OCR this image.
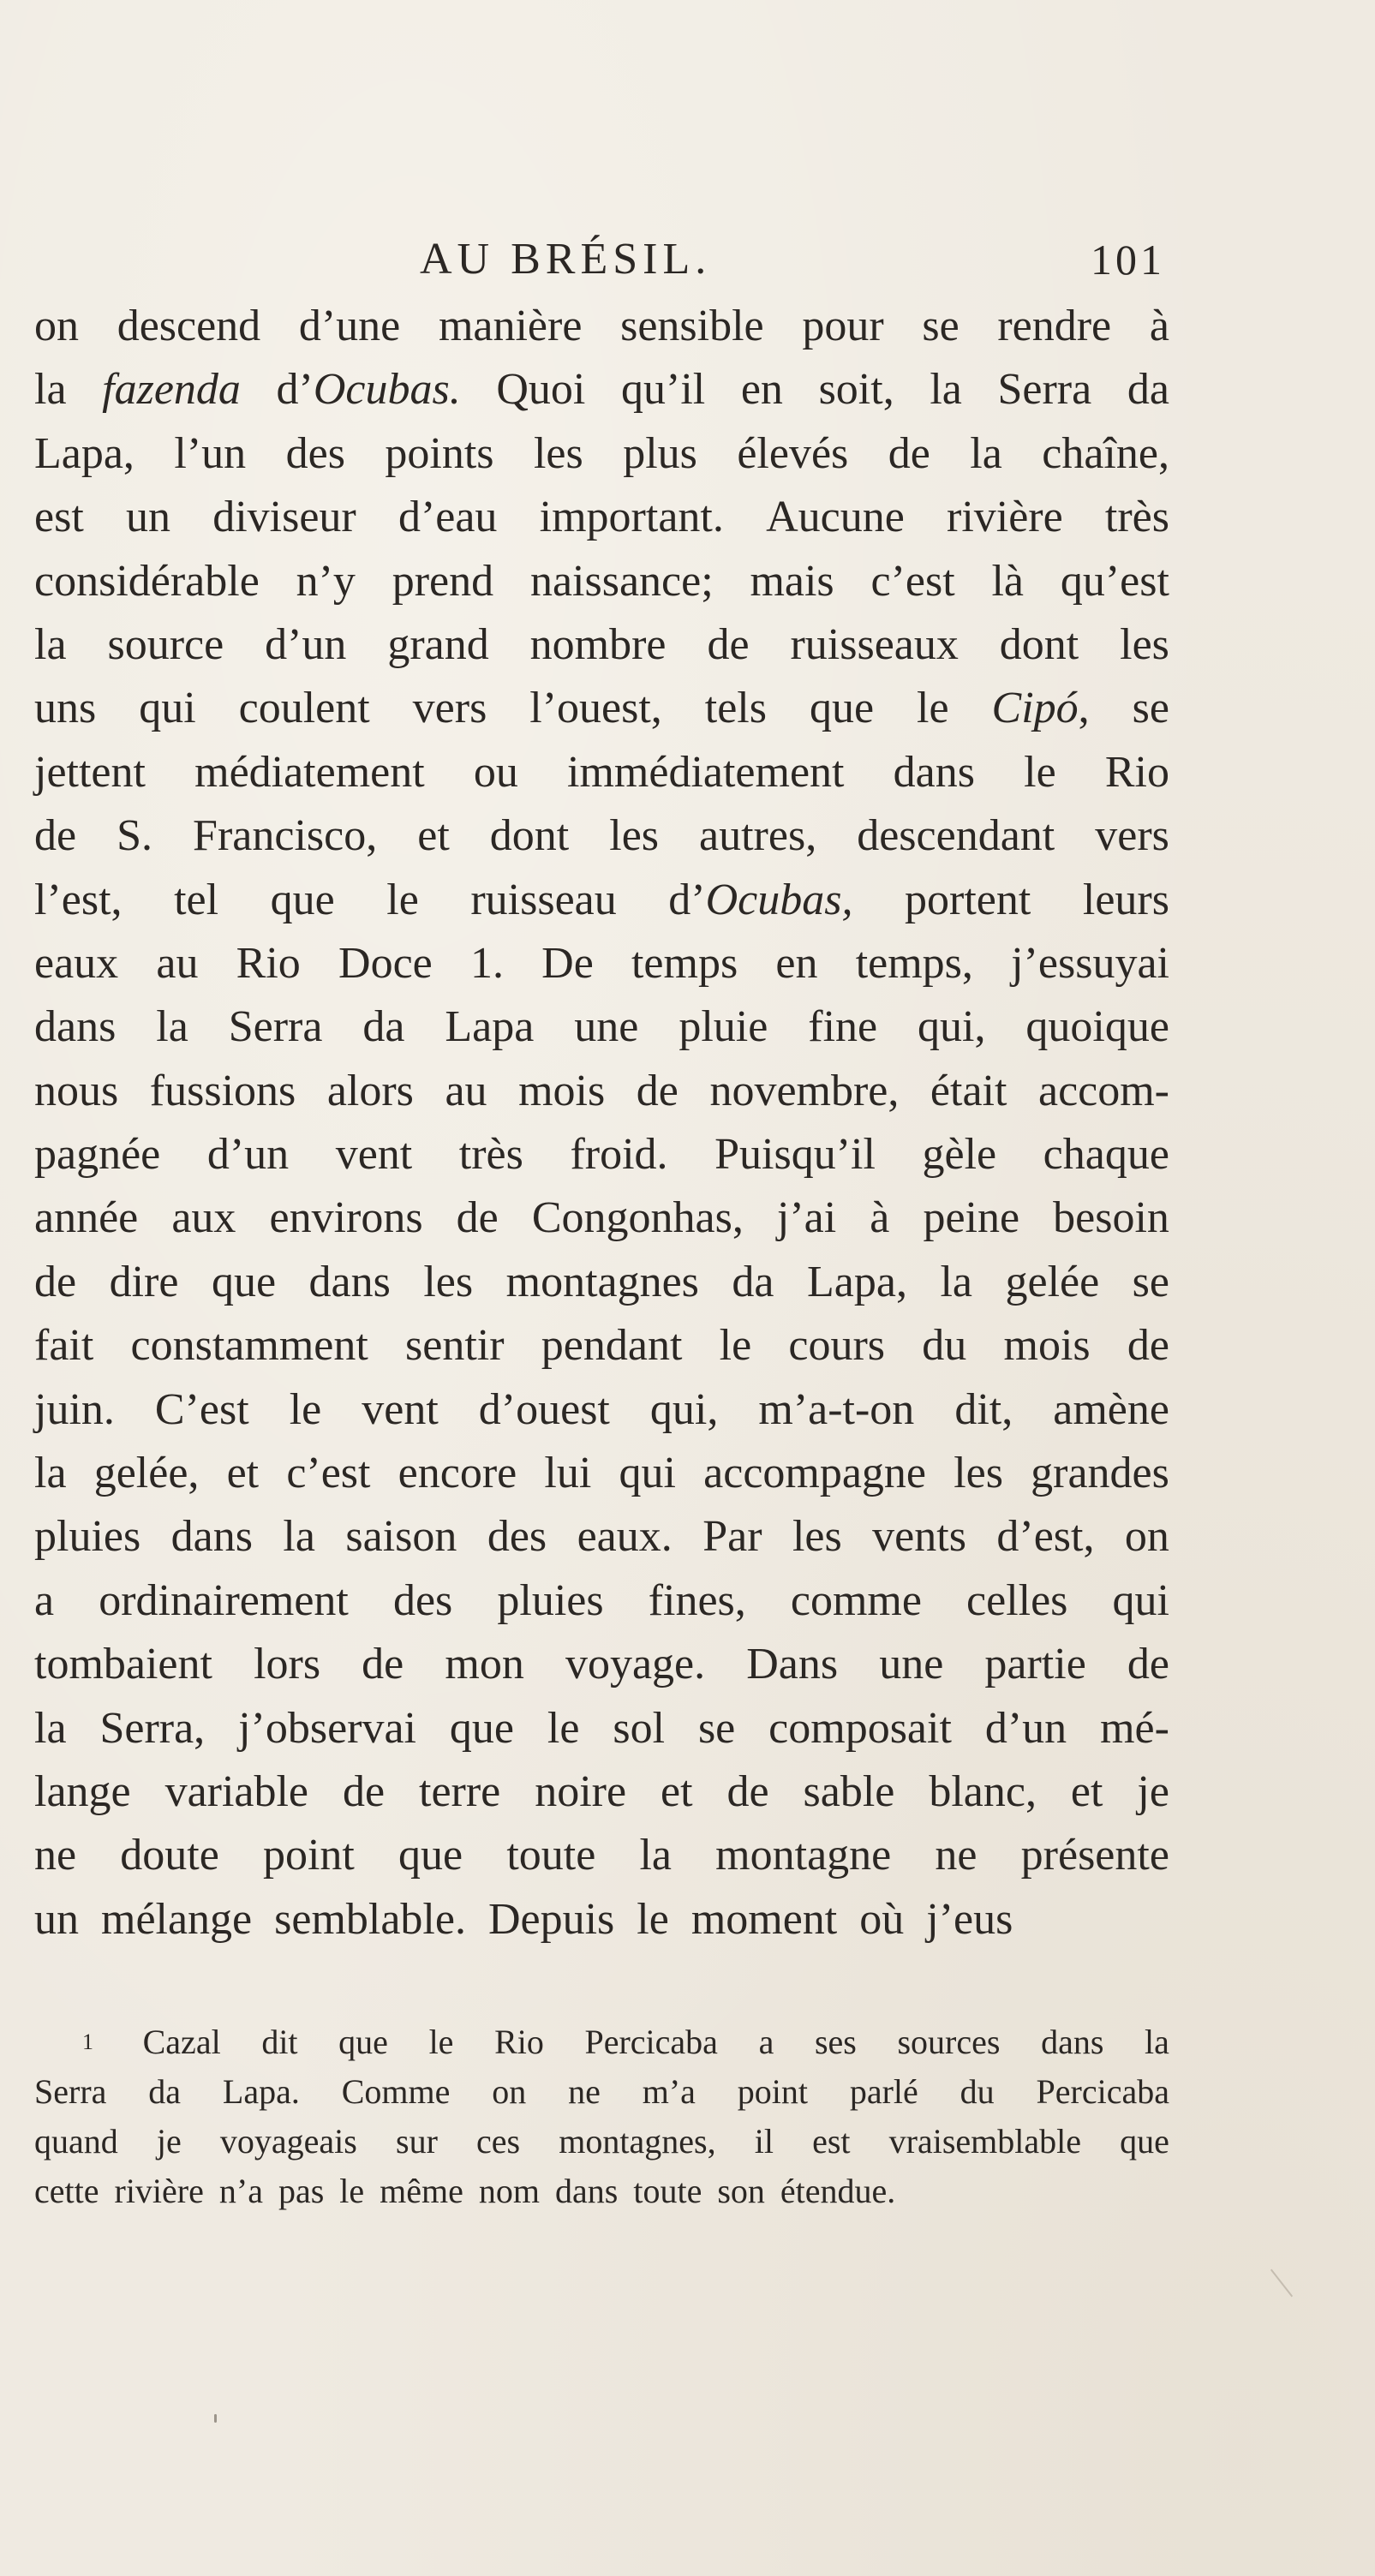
AU BRÉSIL.	101
on descend d’une manière sensible pour se rendre à
la fazenda d’Ocubas. Quoi qu’il en soit, la Serra da
Lapa, l’un des points les plus élevés de la chaîne,
est un diviseur d’eau important. Aucune rivière très
considérable n’y prend naissance; mais c’est là qu’est
la source d’un grand nombre de ruisseaux dont les
uns qui coulent vers l’ouest, tels que le Cipó, se
jettent médiatement ou immédiatement dans le Rio
de S. Francisco, et dont les autres, descendant vers
l’est, tel que le ruisseau d’Ocubas, portent leurs
eaux au Rio Doce 1. De temps en temps, j’essuyai
dans la Serra da Lapa une pluie fine qui, quoique
nous fussions alors au mois de novembre, était accom-
pagnée d’un vent très froid. Puisqu’il gèle chaque
année aux environs de Congonhas, j’ai à peine besoin
de dire que dans les montagnes da Lapa, la gelée se
fait constamment sentir pendant le cours du mois de
juin. C’est le vent d’ouest qui, m’a-t-on dit, amène
la gelée, et c’est encore lui qui accompagne les grandes
pluies dans la saison des eaux. Par les vents d’est, on
a ordinairement des pluies fines, comme celles qui
tombaient lors de mon voyage. Dans une partie de
la Serra, j’observai que le sol se composait d’un mé-
lange variable de terre noire et de sable blanc, et je
ne doute point que toute la montagne ne présente
un mélange semblable. Depuis le moment où j’eus
1 Cazal dit que le Rio Percicaba a ses sources dans la
Serra da Lapa. Comme on ne m’a point parlé du Percicaba
quand je voyageais sur ces montagnes, il est vraisemblable que
cette rivière n’a pas le même nom dans toute son étendue.
